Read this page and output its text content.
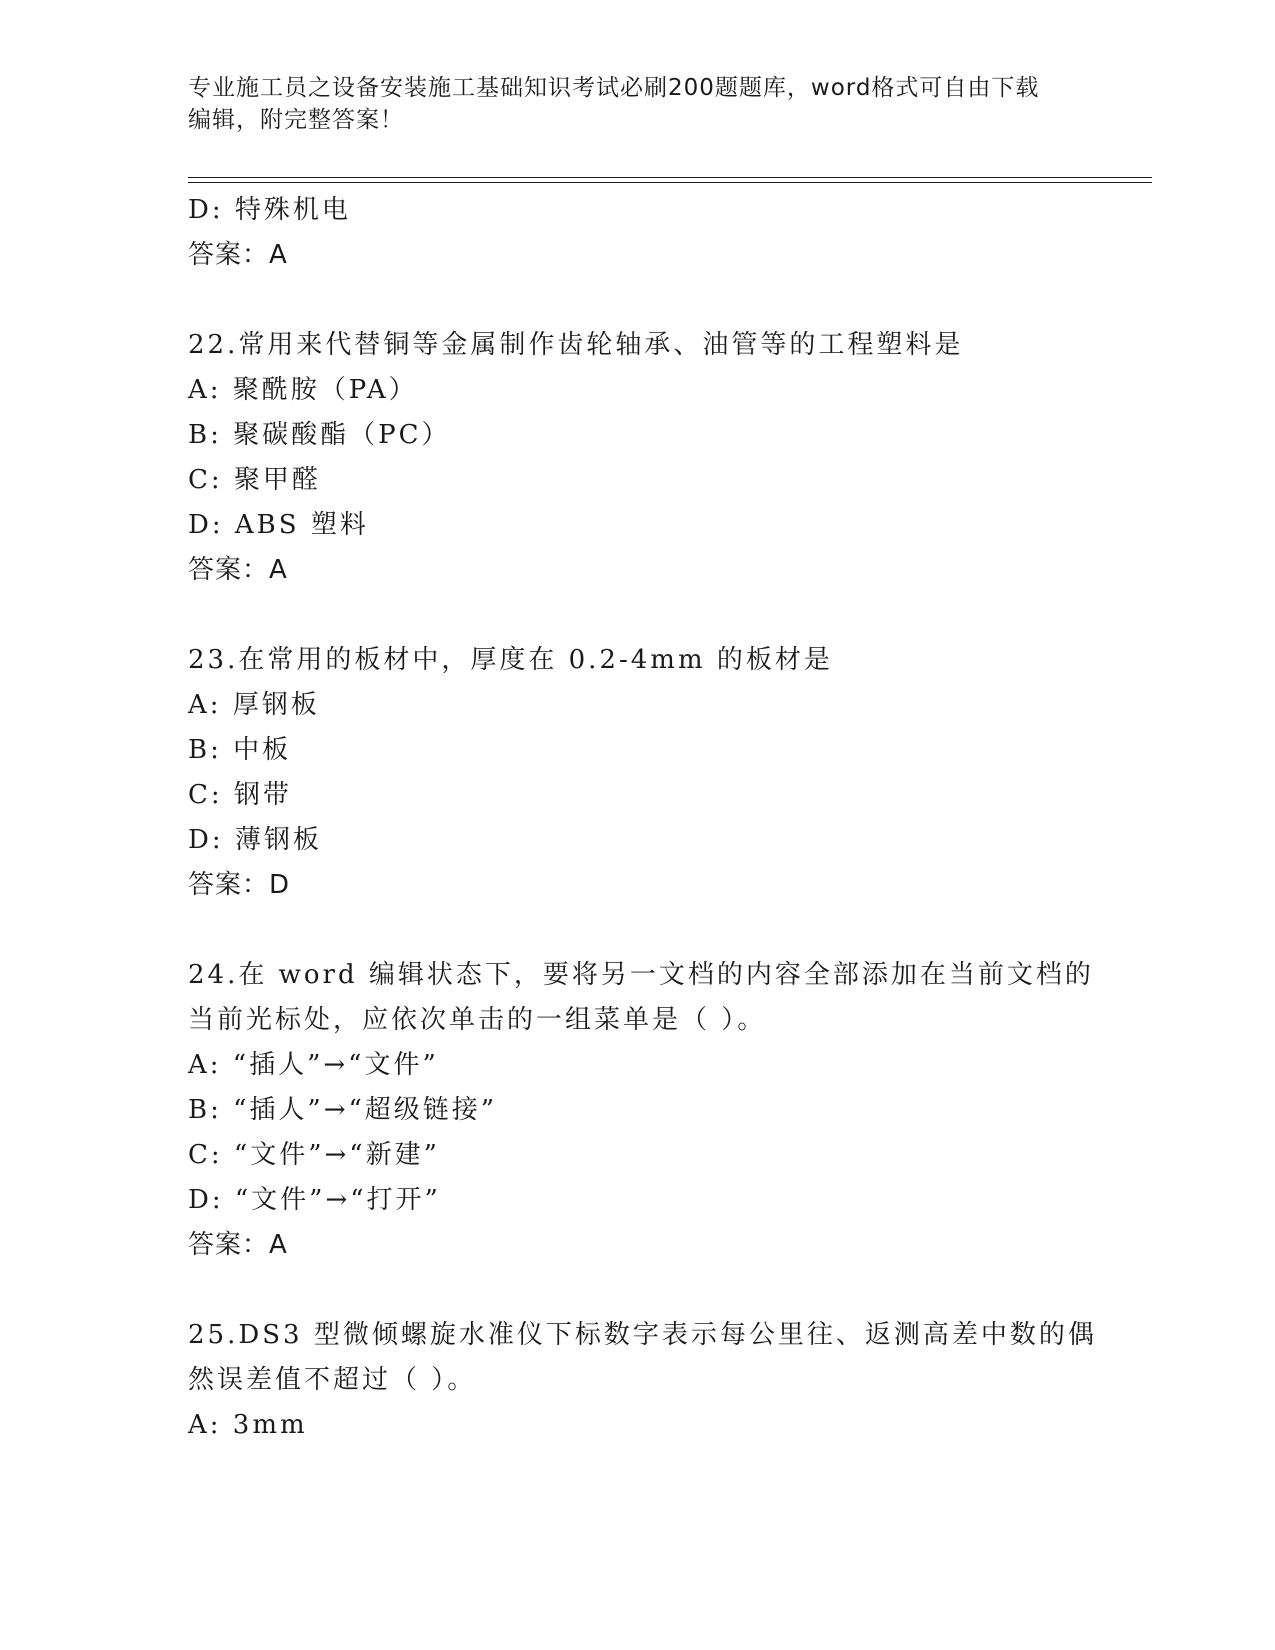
专业施工员之设备安装施工基础知识考试必刷200题题库，word格式可自由下载
编辑，附完整答案！
D: 特殊机电
答案：A
22.常用来代替铜等金属制作齿轮轴承、油管等的工程塑料是
A: 聚酰胺（PA）
B: 聚碳酸酯（PC）
C: 聚甲醛
D: ABS 塑料
答案：A
23.在常用的板材中，厚度在 0.2-4mm 的板材是
A: 厚钢板
B: 中板
C: 钢带
D: 薄钢板
答案：D
24.在 word 编辑状态下，要将另一文档的内容全部添加在当前文档的
当前光标处，应依次单击的一组菜单是（ ）。
A: “插人”→“文件”
B: “插人”→“超级链接”
C: “文件”→“新建”
D: “文件”→“打开”
答案：A
25.DS3 型微倾螺旋水准仪下标数字表示每公里往、返测高差中数的偶
然误差值不超过（ ）。
A: 3mm
